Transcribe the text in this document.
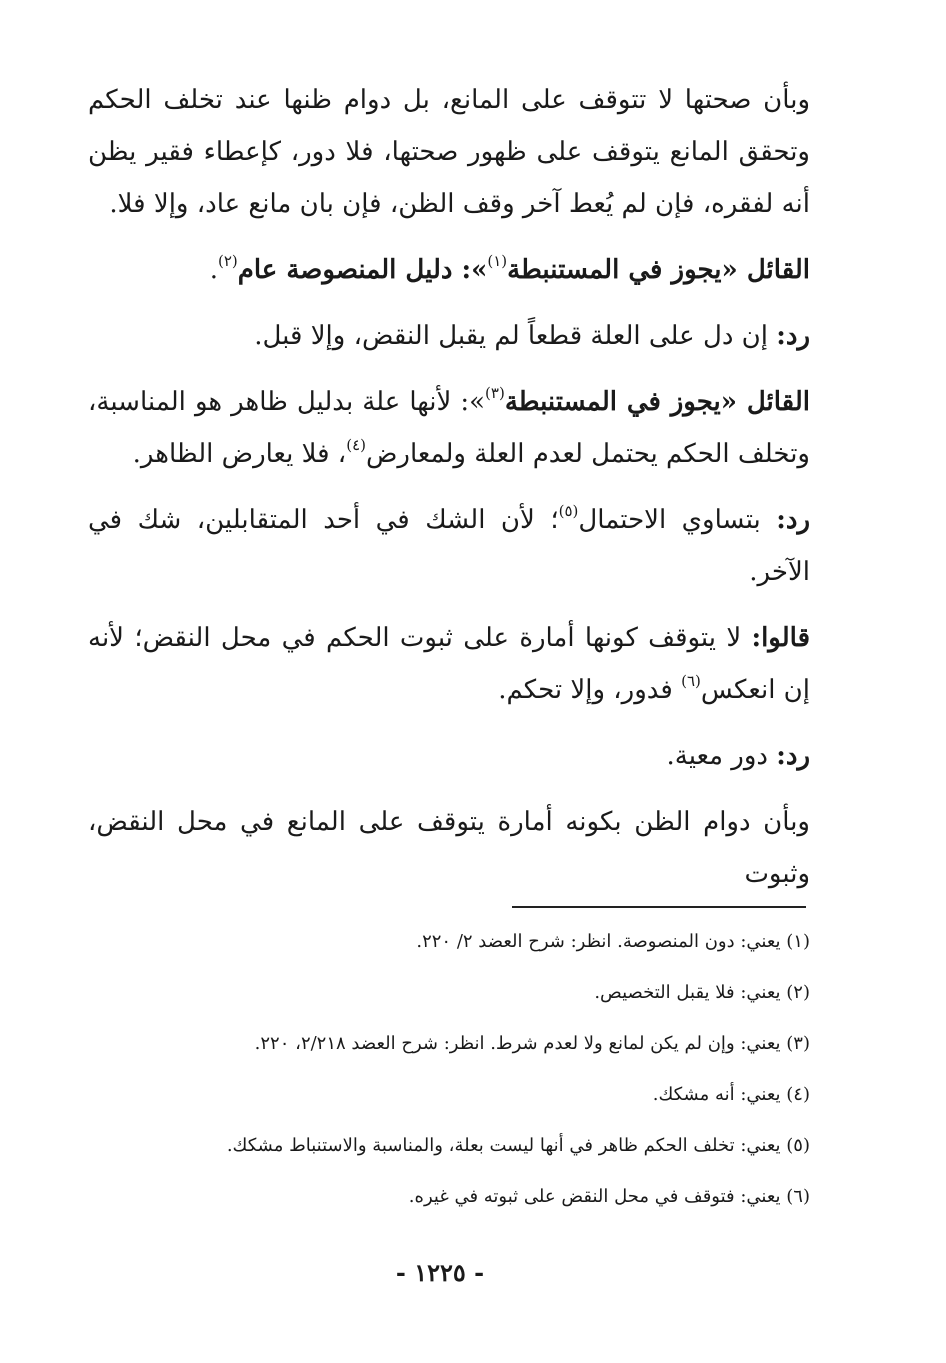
وبأن صحتها لا تتوقف على المانع، بل دوام ظنها عند تخلف الحكم وتحقق المانع يتوقف على ظهور صحتها، فلا دور، كإعطاء فقير يظن أنه لفقره، فإن لم يُعط آخر وقف الظن، فإن بان مانع عاد، وإلا فلا.

القائل «يجوز في المستنبطة$^{(١)}$»: دليل المنصوصة عام$^{(٢)}$.

رد: إن دل على العلة قطعاً لم يقبل النقض، وإلا قبل.

القائل «يجوز في المستنبطة$^{(٣)}$»: لأنها علة بدليل ظاهر هو المناسبة، وتخلف الحكم يحتمل لعدم العلة ولمعارض$^{(٤)}$، فلا يعارض الظاهر.

رد: بتساوي الاحتمال$^{(٥)}$؛ لأن الشك في أحد المتقابلين، شك في الآخر.

قالوا: لا يتوقف كونها أمارة على ثبوت الحكم في محل النقض؛ لأنه إن انعكس$^{(٦)}$ فدور، وإلا تحكم.

رد: دور معية.

وبأن دوام الظن بكونه أمارة يتوقف على المانع في محل النقض، وثبوت

(١) يعني: دون المنصوصة. انظر: شرح العضد ٢/ ٢٢٠.
(٢) يعني: فلا يقبل التخصيص.
(٣) يعني: وإن لم يكن لمانع ولا لعدم شرط. انظر: شرح العضد ٢/٢١٨، ٢٢٠.
(٤) يعني: أنه مشكك.
(٥) يعني: تخلف الحكم ظاهر في أنها ليست بعلة، والمناسبة والاستنباط مشكك.
(٦) يعني: فتوقف في محل النقض على ثبوته في غيره.
- ١٢٢٥ -
